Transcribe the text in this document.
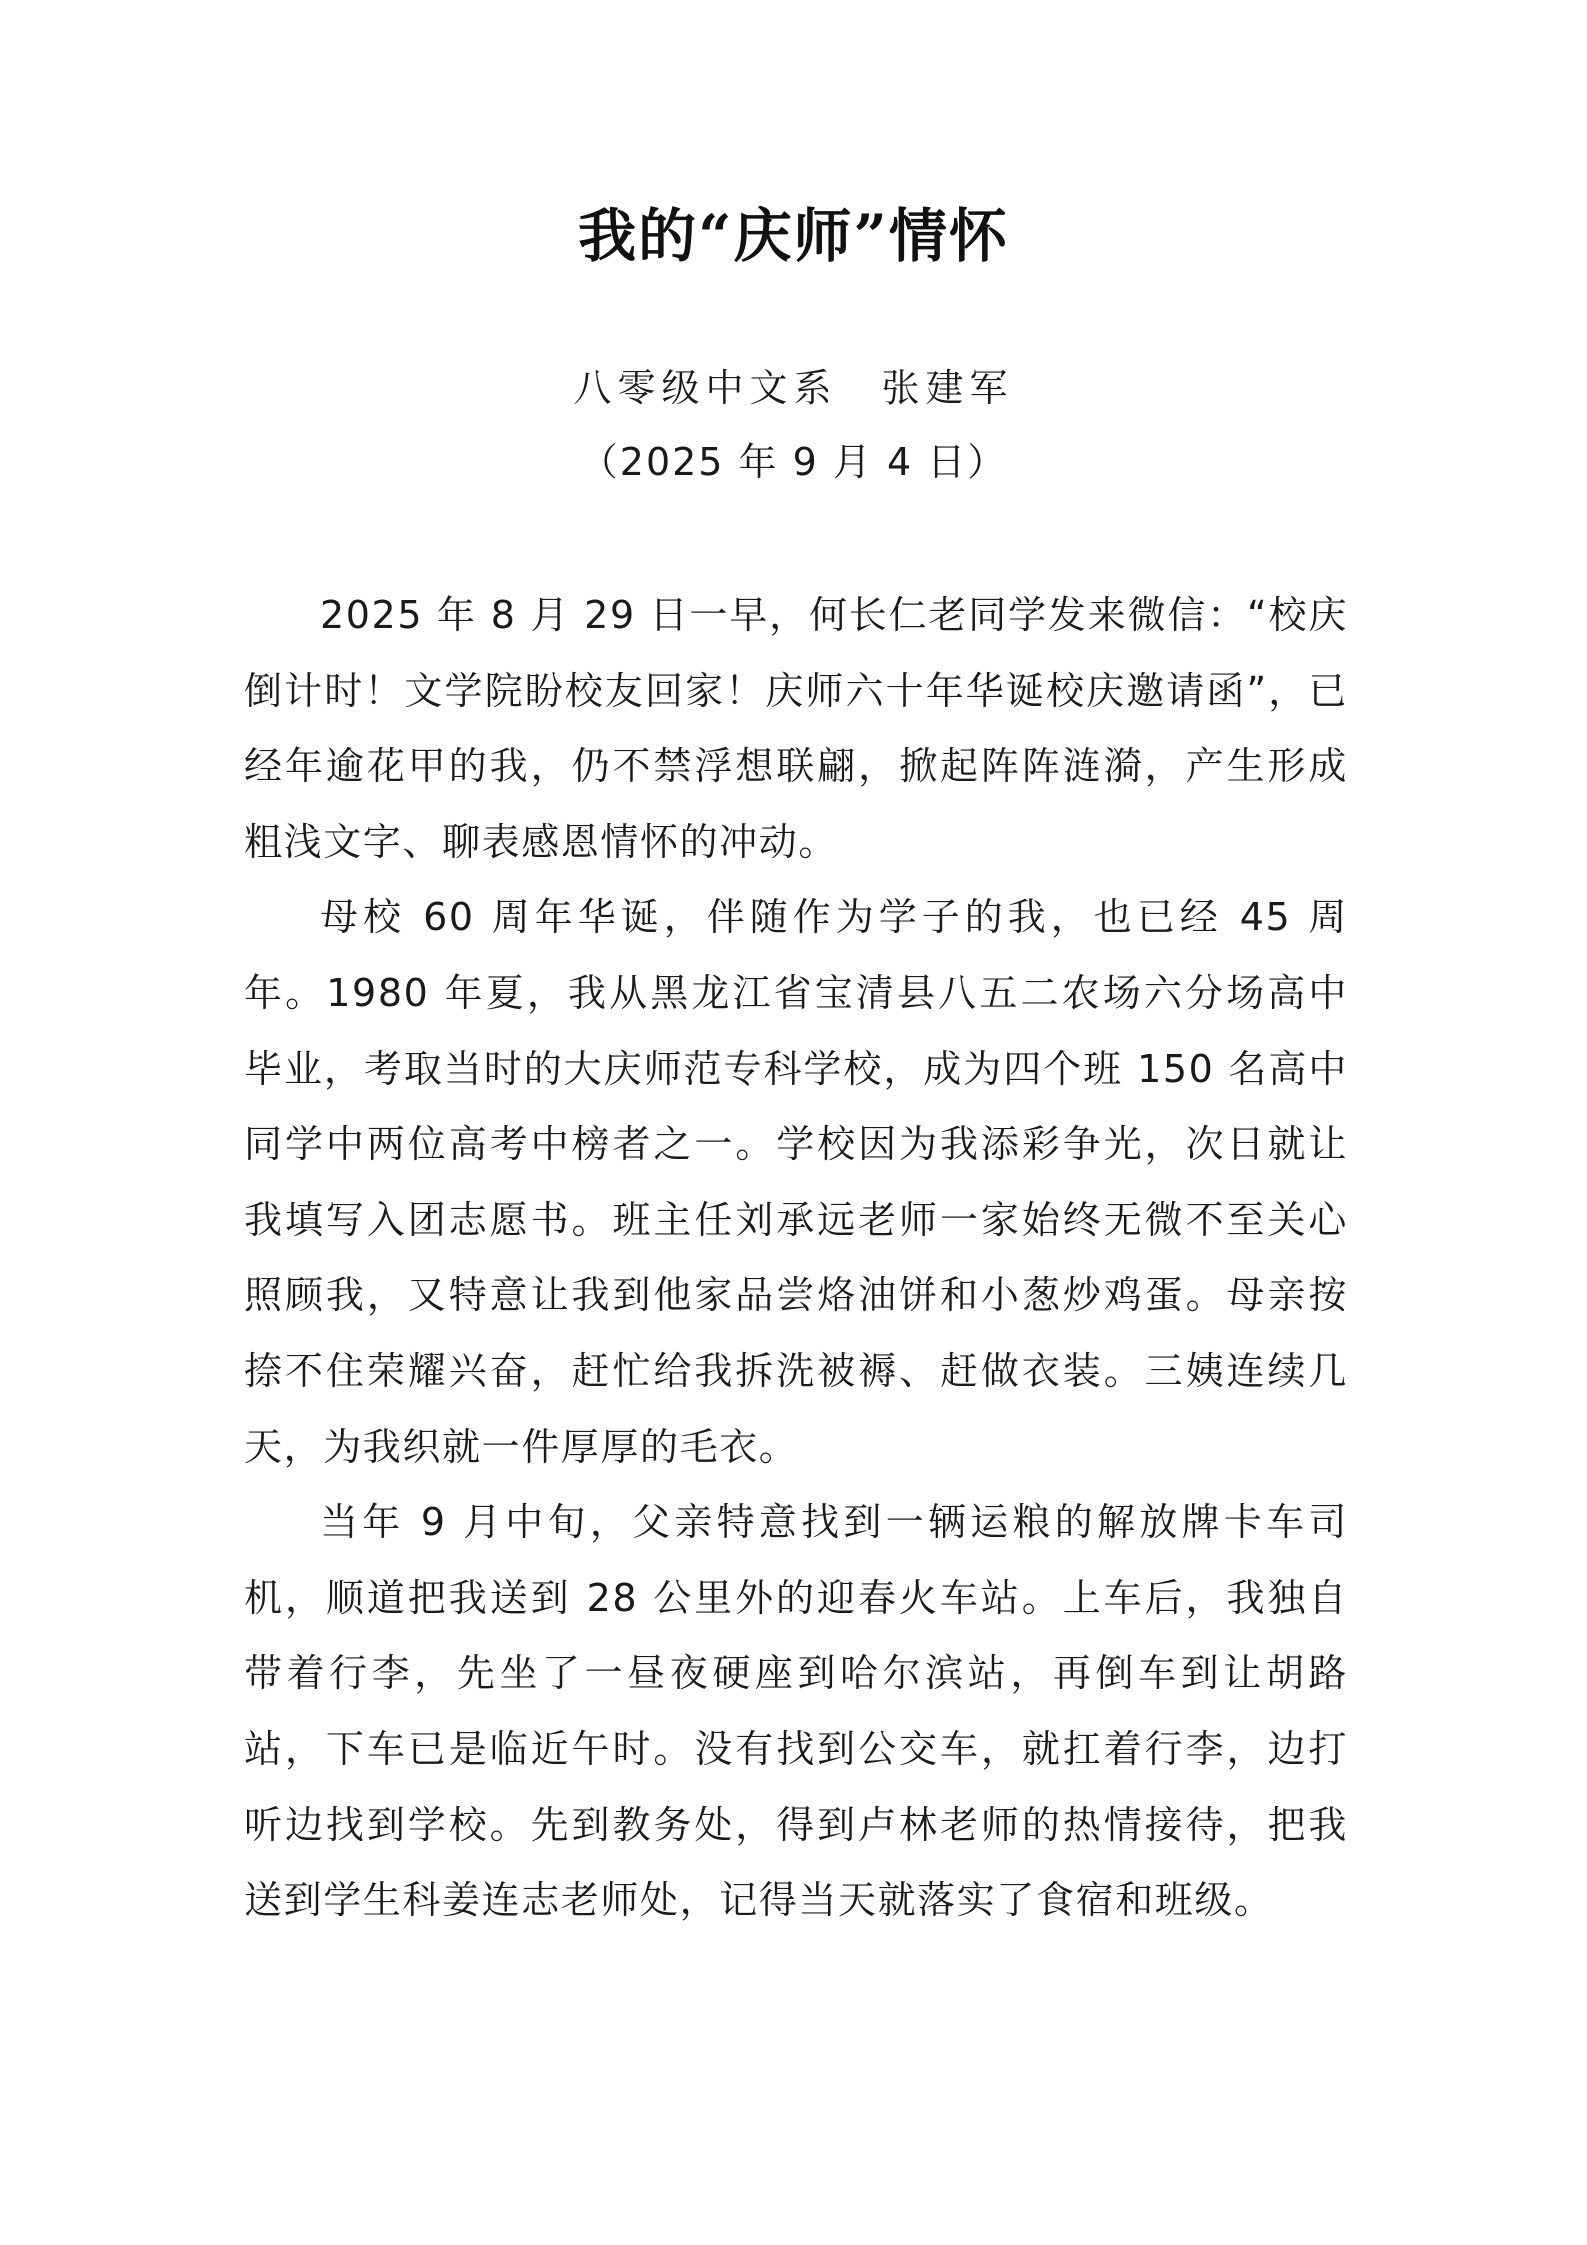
我的“庆师”情怀
八零级中文系 张建军
（2025 年 9 月 4 日）

2025 年 8 月 29 日一早，何长仁老同学发来微信：“校庆倒计时！文学院盼校友回家！庆师六十年华诞校庆邀请函”，已经年逾花甲的我，仍不禁浮想联翩，掀起阵阵涟漪，产生形成粗浅文字、聊表感恩情怀的冲动。

母校 60 周年华诞，伴随作为学子的我，也已经 45 周年。1980 年夏，我从黑龙江省宝清县八五二农场六分场高中毕业，考取当时的大庆师范专科学校，成为四个班 150 名高中同学中两位高考中榜者之一。学校因为我添彩争光，次日就让我填写入团志愿书。班主任刘承远老师一家始终无微不至关心照顾我，又特意让我到他家品尝烙油饼和小葱炒鸡蛋。母亲按捺不住荣耀兴奋，赶忙给我拆洗被褥、赶做衣装。三姨连续几天，为我织就一件厚厚的毛衣。

当年 9 月中旬，父亲特意找到一辆运粮的解放牌卡车司机，顺道把我送到 28 公里外的迎春火车站。上车后，我独自带着行李，先坐了一昼夜硬座到哈尔滨站，再倒车到让胡路站，下车已是临近午时。没有找到公交车，就扛着行李，边打听边找到学校。先到教务处，得到卢林老师的热情接待，把我送到学生科姜连志老师处，记得当天就落实了食宿和班级。
